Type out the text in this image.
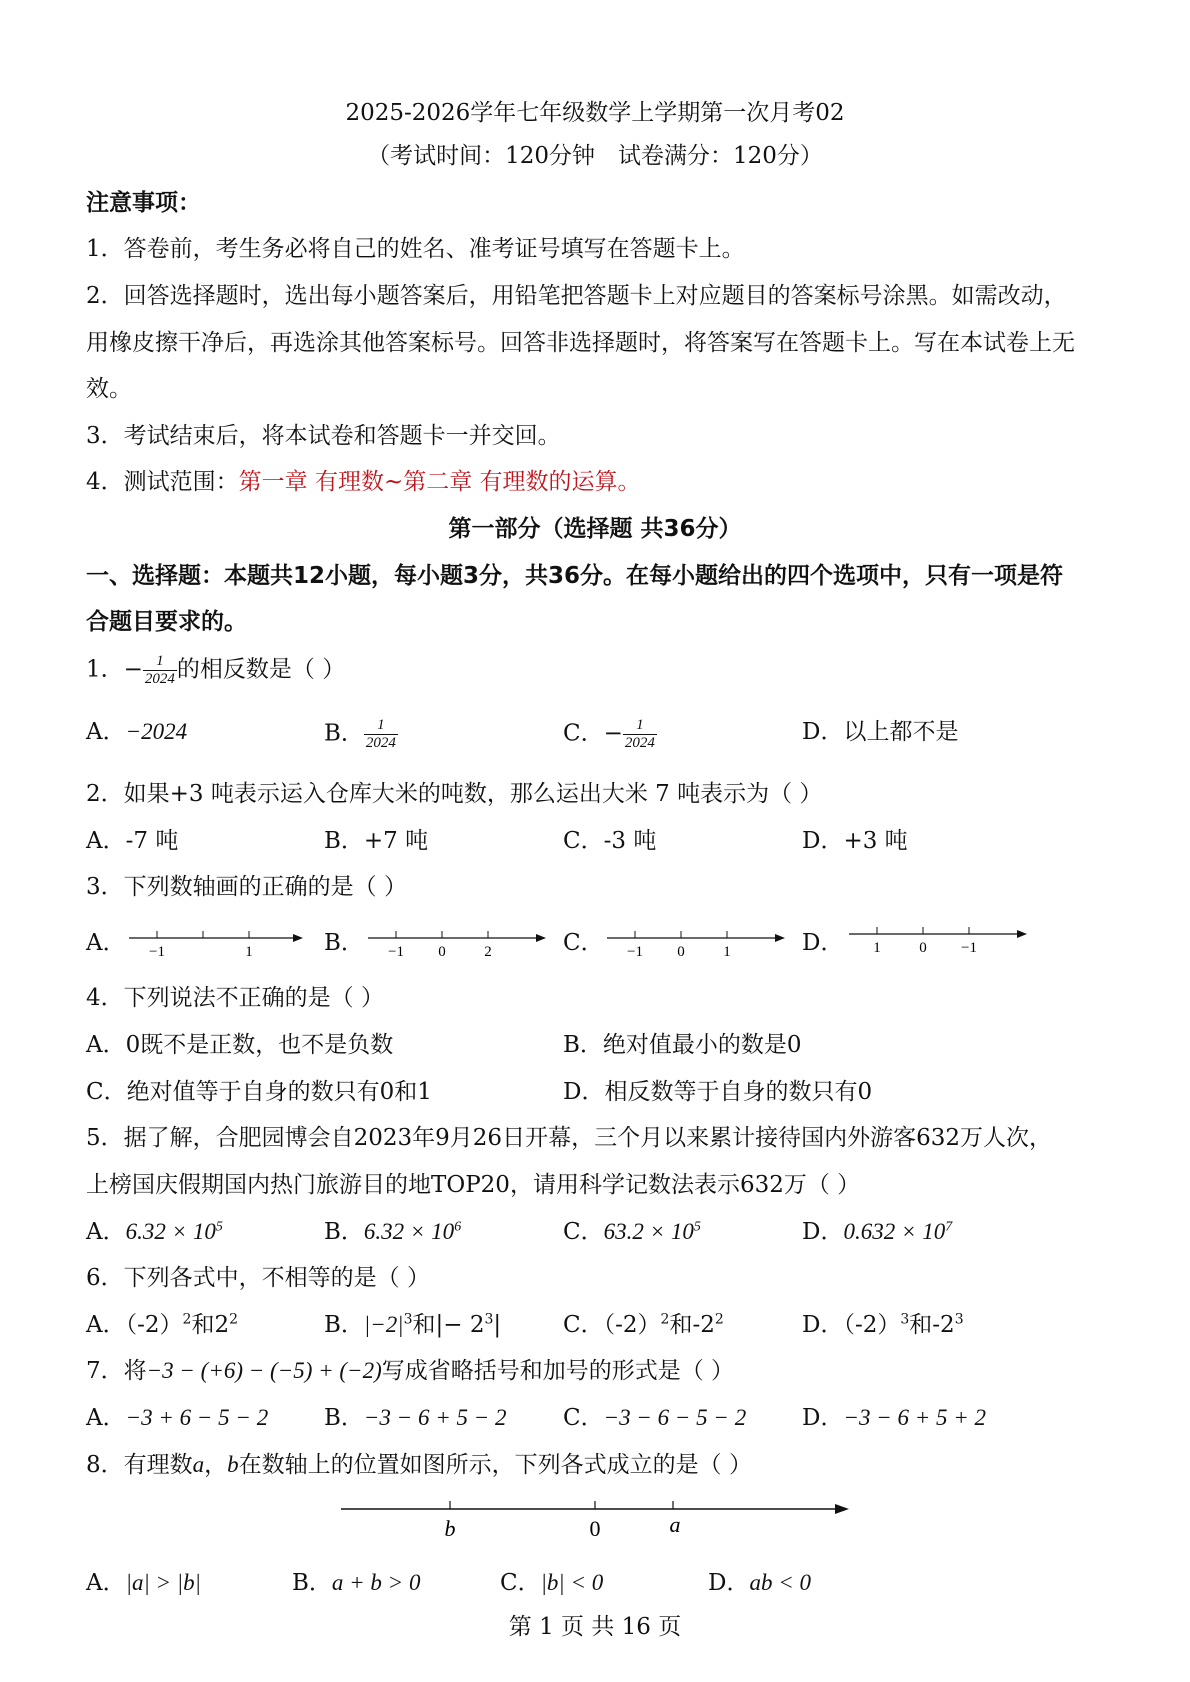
2025-2026学年七年级数学上学期第一次月考02
（考试时间：120分钟　试卷满分：120分）
注意事项：
1．答卷前，考生务必将自己的姓名、准考证号填写在答题卡上。
2．回答选择题时，选出每小题答案后，用铅笔把答题卡上对应题目的答案标号涂黑。如需改动，
用橡皮擦干净后，再选涂其他答案标号。回答非选择题时，将答案写在答题卡上。写在本试卷上无
效。
3．考试结束后，将本试卷和答题卡一并交回。
4．测试范围：第一章 有理数~第二章 有理数的运算。
第一部分（选择题 共36分）
一、选择题：本题共12小题，每小题3分，共36分。在每小题给出的四个选项中，只有一项是符
合题目要求的。
1．− $\frac{1}{2024}$ 的相反数是（ ）
A．−2024	B． $\frac{1}{2024}$	C．− $\frac{1}{2024}$	D．以上都不是
2．如果+3 吨表示运入仓库大米的吨数，那么运出大米 7 吨表示为（ ）
A．-7 吨	B．+7 吨	C．-3 吨	D．+3 吨
3．下列数轴画的正确的是（ ）
A． −1	1	B． −1 0	2	C． −1 0	1	D． 1	0 −1
4．下列说法不正确的是（ ）
A．0既不是正数，也不是负数	B．绝对值最小的数是0
C．绝对值等于自身的数只有0和1	D．相反数等于自身的数只有0
5．据了解，合肥园博会自2023年9月26日开幕，三个月以来累计接待国内外游客632万人次，
上榜国庆假期国内热门旅游目的地TOP20，请用科学记数法表示632万（ ）
A．$6.32 \times 10^5$	B．$6.32 \times 10^6$	C．$63.2 \times 10^5$	D．$0.632 \times 10^7$
6．下列各式中，不相等的是（ ）
A．$(-2)^2$和$2^2$	B．$|-2|^3$和|− $2^3|$	C．$(-2)^2$和$-2^2$	D．$(-2)^3$和$-2^3$
7．将−3 − (+6) − (−5) + (−2)写成省略括号和加号的形式是（ ）
A．−3 + 6 − 5 − 2 B．−3 − 6 + 5 − 2 C．−3 − 6 − 5 − 2 D．−3 − 6 + 5 + 2
8．有理数a，b在数轴上的位置如图所示，下列各式成立的是（ ）
b	0	a
A．|a| > |b|	B．a + b > 0	C．|b| < 0	D．ab < 0
第 1 页 共 16 页
